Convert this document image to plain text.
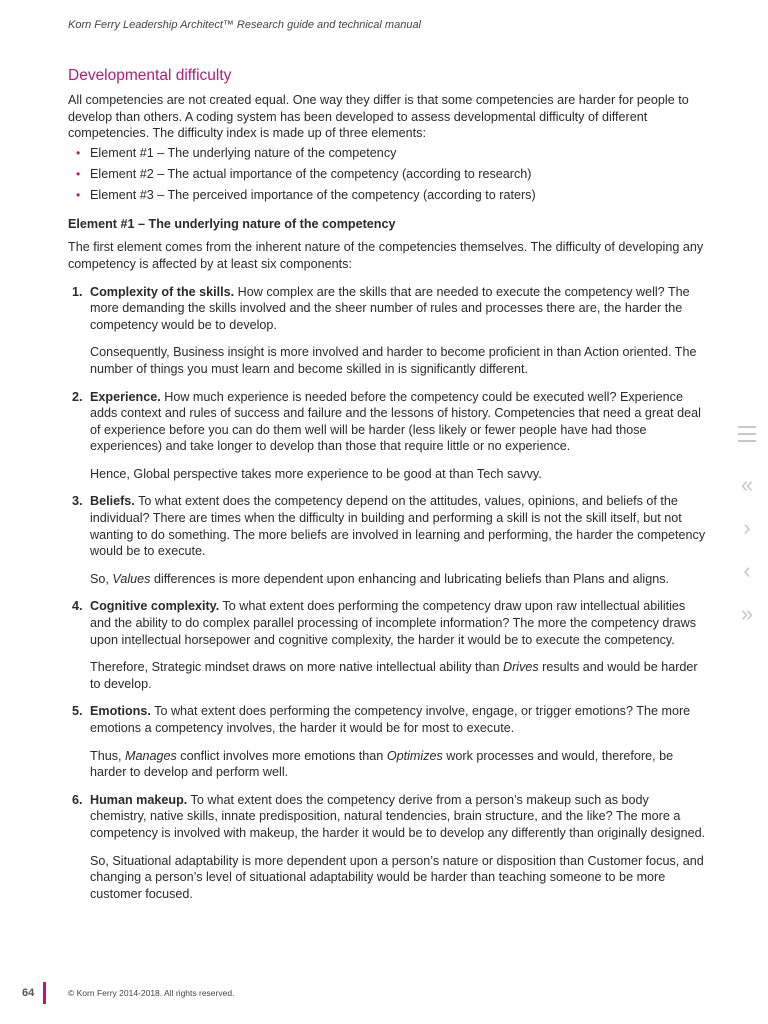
Korn Ferry Leadership Architect™ Research guide and technical manual
Developmental difficulty

All competencies are not created equal. One way they differ is that some competencies are harder for people to develop than others. A coding system has been developed to assess developmental difficulty of different competencies. The difficulty index is made up of three elements:

• Element #1 – The underlying nature of the competency
• Element #2 – The actual importance of the competency (according to research)
• Element #3 – The perceived importance of the competency (according to raters)

Element #1 – The underlying nature of the competency

The first element comes from the inherent nature of the competencies themselves. The difficulty of developing any competency is affected by at least six components:

1. Complexity of the skills. How complex are the skills that are needed to execute the competency well? The more demanding the skills involved and the sheer number of rules and processes there are, the harder the competency would be to develop.
Consequently, Business insight is more involved and harder to become proficient in than Action oriented. The number of things you must learn and become skilled in is significantly different.
2. Experience. How much experience is needed before the competency could be executed well? Experience adds context and rules of success and failure and the lessons of history. Competencies that need a great deal of experience before you can do them well will be harder (less likely or fewer people have had those experiences) and take longer to develop than those that require little or no experience.
Hence, Global perspective takes more experience to be good at than Tech savvy.
3. Beliefs. To what extent does the competency depend on the attitudes, values, opinions, and beliefs of the individual? There are times when the difficulty in building and performing a skill is not the skill itself, but not wanting to do something. The more beliefs are involved in learning and performing, the harder the competency would be to execute.
So, Values differences is more dependent upon enhancing and lubricating beliefs than Plans and aligns.
4. Cognitive complexity. To what extent does performing the competency draw upon raw intellectual abilities and the ability to do complex parallel processing of incomplete information? The more the competency draws upon intellectual horsepower and cognitive complexity, the harder it would be to execute the competency.
Therefore, Strategic mindset draws on more native intellectual ability than Drives results and would be harder to develop.
5. Emotions. To what extent does performing the competency involve, engage, or trigger emotions? The more emotions a competency involves, the harder it would be for most to execute.
Thus, Manages conflict involves more emotions than Optimizes work processes and would, therefore, be harder to develop and perform well.
6. Human makeup. To what extent does the competency derive from a person’s makeup such as body chemistry, native skills, innate predisposition, natural tendencies, brain structure, and the like? The more a competency is involved with makeup, the harder it would be to develop any differently than originally designed.
So, Situational adaptability is more dependent upon a person’s nature or disposition than Customer focus, and changing a person’s level of situational adaptability would be harder than teaching someone to be more customer focused.
«
›
‹
»
64	© Korn Ferry 2014-2018. All rights reserved.
